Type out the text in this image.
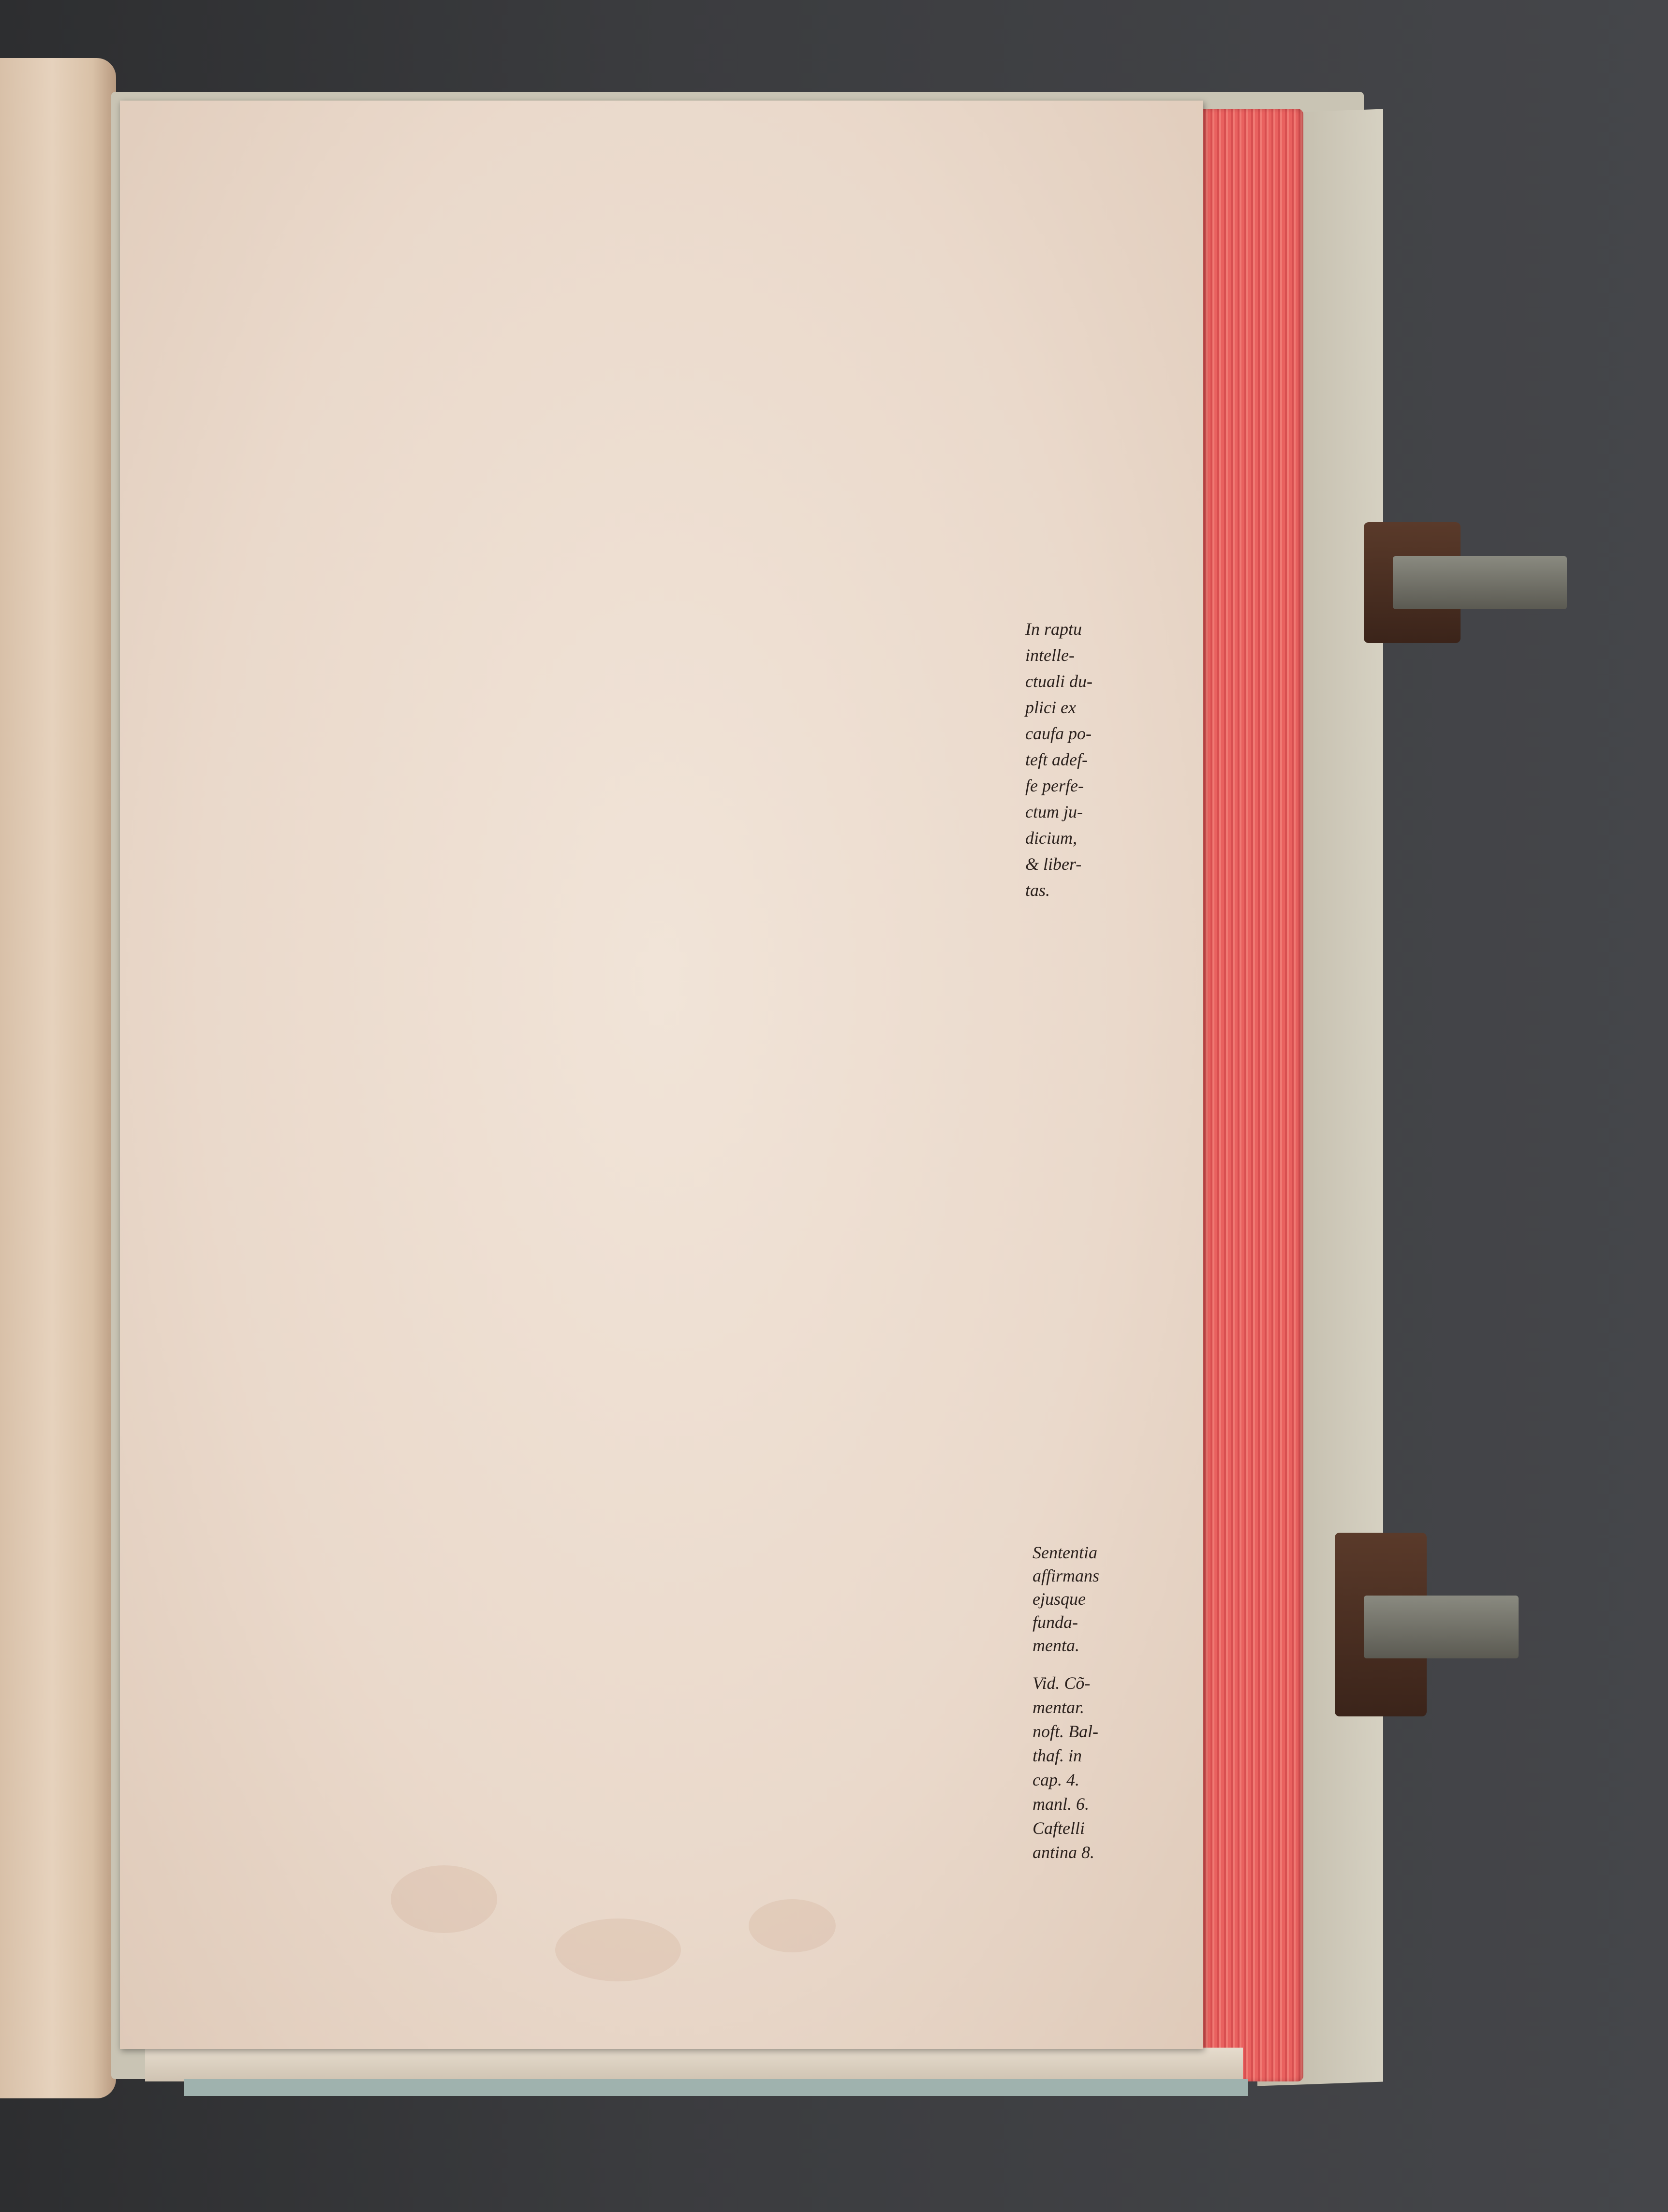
In raptu
intelle-
ctuali du-
plici ex
caufa po-
teft adef-
fe perfe-
ctum ju-
dicium,
& liber-
tas.
Sententia
affirmans
ejusque
funda-
menta.
Vid. Cõ-
mentar.
noft. Bal-
thaf. in
cap. 4.
manl. 6.
Caftelli
antina 8.
